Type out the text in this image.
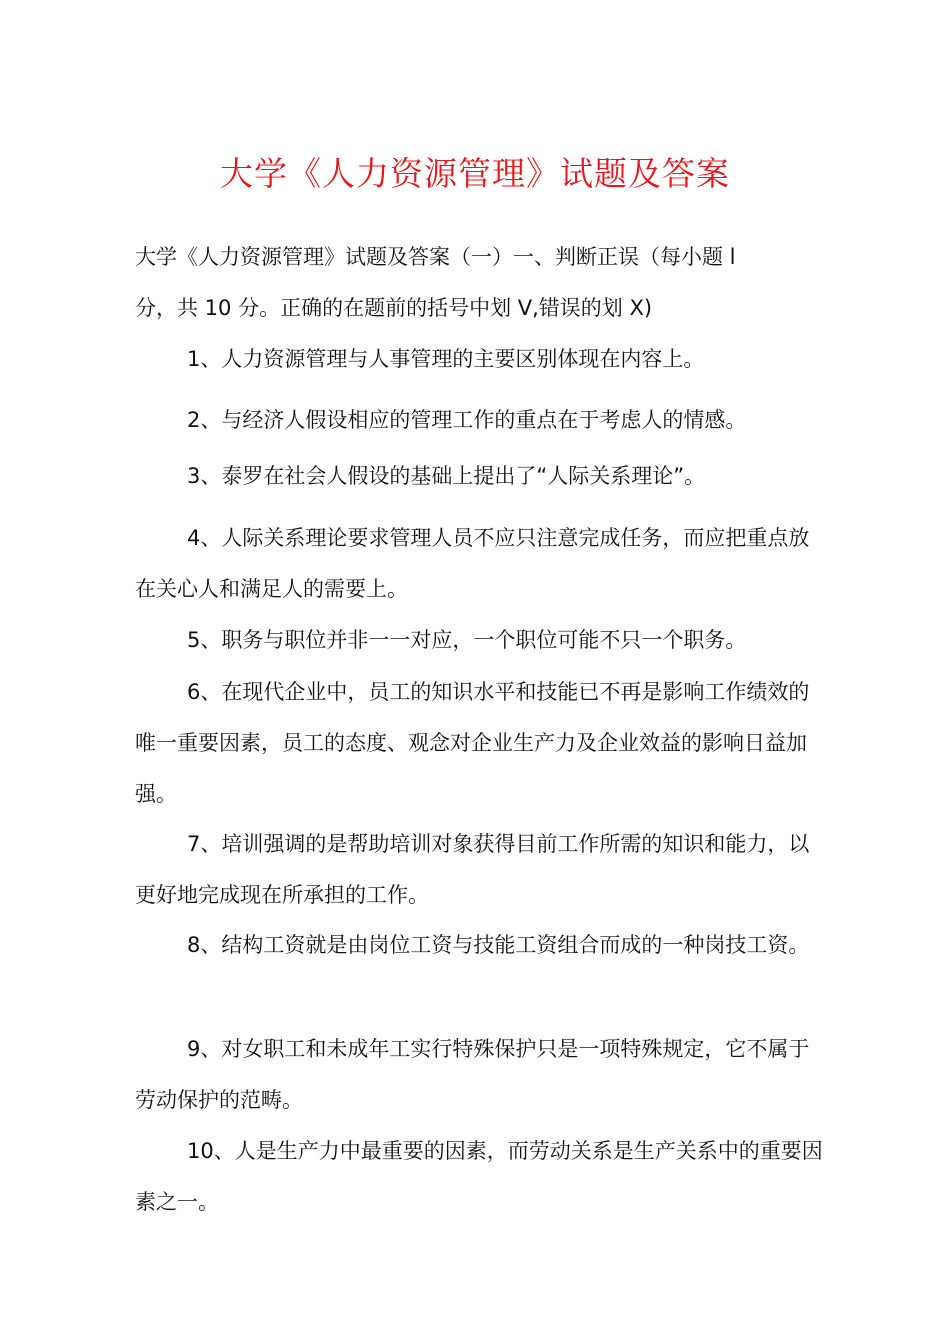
大学《人力资源管理》试题及答案

大学《人力资源管理》试题及答案（一）一、判断正误（每小题 l 分，共 10 分。正确的在题前的括号中划 V,错误的划 X)

1、人力资源管理与人事管理的主要区别体现在内容上。

2、与经济人假设相应的管理工作的重点在于考虑人的情感。

3、泰罗在社会人假设的基础上提出了“人际关系理论”。

4、人际关系理论要求管理人员不应只注意完成任务，而应把重点放在关心人和满足人的需要上。

5、职务与职位并非一一对应，一个职位可能不只一个职务。

6、在现代企业中，员工的知识水平和技能已不再是影响工作绩效的唯一重要因素，员工的态度、观念对企业生产力及企业效益的影响日益加强。

7、培训强调的是帮助培训对象获得目前工作所需的知识和能力，以更好地完成现在所承担的工作。

8、结构工资就是由岗位工资与技能工资组合而成的一种岗技工资。

9、对女职工和未成年工实行特殊保护只是一项特殊规定，它不属于劳动保护的范畴。

10、人是生产力中最重要的因素，而劳动关系是生产关系中的重要因素之一。
